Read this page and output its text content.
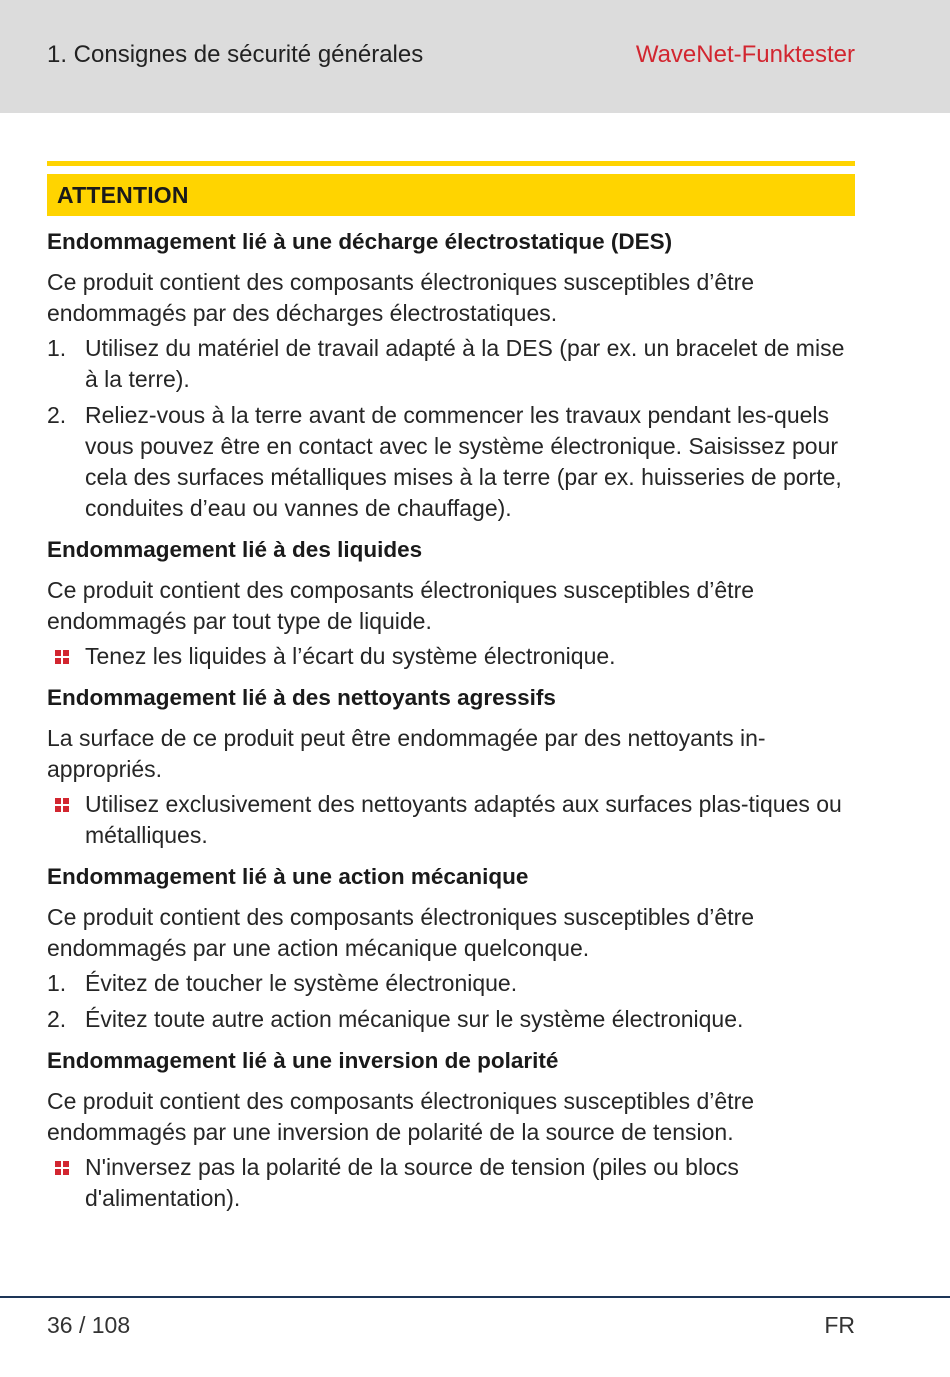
1. Consignes de sécurité générales	WaveNet-Funktester
ATTENTION
Endommagement lié à une décharge électrostatique (DES)

Ce produit contient des composants électroniques susceptibles d’être endommagés par des décharges électrostatiques.

1. Utilisez du matériel de travail adapté à la DES (par ex. un bracelet de mise à la terre).
2. Reliez-vous à la terre avant de commencer les travaux pendant les-quels vous pouvez être en contact avec le système électronique. Saisissez pour cela des surfaces métalliques mises à la terre (par ex. huisseries de porte, conduites d’eau ou vannes de chauffage).
Endommagement lié à des liquides

Ce produit contient des composants électroniques susceptibles d’être endommagés par tout type de liquide.

Tenez les liquides à l’écart du système électronique.
Endommagement lié à des nettoyants agressifs

La surface de ce produit peut être endommagée par des nettoyants in-appropriés.

Utilisez exclusivement des nettoyants adaptés aux surfaces plas-tiques ou métalliques.
Endommagement lié à une action mécanique

Ce produit contient des composants électroniques susceptibles d’être endommagés par une action mécanique quelconque.

1. Évitez de toucher le système électronique.
2. Évitez toute autre action mécanique sur le système électronique.
Endommagement lié à une inversion de polarité

Ce produit contient des composants électroniques susceptibles d’être endommagés par une inversion de polarité de la source de tension.

N'inversez pas la polarité de la source de tension (piles ou blocs d'alimentation).
36 / 108	FR
